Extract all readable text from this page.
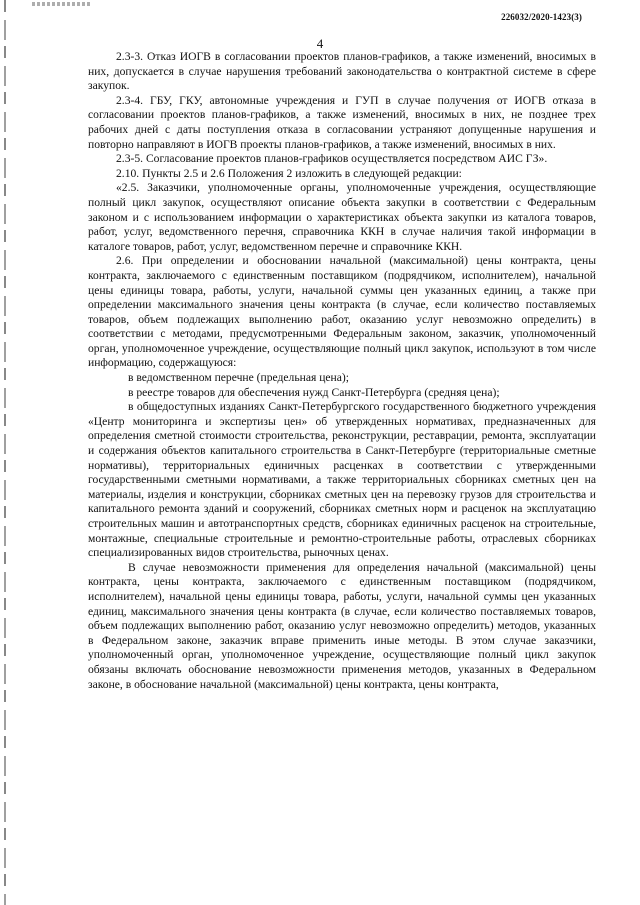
226032/2020-1423(3)
4

2.3-3. Отказ ИОГВ в согласовании проектов планов-графиков, а также изменений, вносимых в них, допускается в случае нарушения требований законодательства о контрактной системе в сфере закупок.

2.3-4. ГБУ, ГКУ, автономные учреждения и ГУП в случае получения от ИОГВ отказа в согласовании проектов планов-графиков, а также изменений, вносимых в них, не позднее трех рабочих дней с даты поступления отказа в согласовании устраняют допущенные нарушения и повторно направляют в ИОГВ проекты планов-графиков, а также изменений, вносимых в них.

2.3-5. Согласование проектов планов-графиков осуществляется посредством АИС ГЗ».

2.10. Пункты 2.5 и 2.6 Положения 2 изложить в следующей редакции:

«2.5. Заказчики, уполномоченные органы, уполномоченные учреждения, осуществляющие полный цикл закупок, осуществляют описание объекта закупки в соответствии с Федеральным законом и с использованием информации о характеристиках объекта закупки из каталога товаров, работ, услуг, ведомственного перечня, справочника ККН в случае наличия такой информации в каталоге товаров, работ, услуг, ведомственном перечне и справочнике ККН.

2.6. При определении и обосновании начальной (максимальной) цены контракта, цены контракта, заключаемого с единственным поставщиком (подрядчиком, исполнителем), начальной цены единицы товара, работы, услуги, начальной суммы цен указанных единиц, а также при определении максимального значения цены контракта (в случае, если количество поставляемых товаров, объем подлежащих выполнению работ, оказанию услуг невозможно определить) в соответствии с методами, предусмотренными Федеральным законом, заказчик, уполномоченный орган, уполномоченное учреждение, осуществляющие полный цикл закупок, используют в том числе информацию, содержащуюся:

в ведомственном перечне (предельная цена);

в реестре товаров для обеспечения нужд Санкт-Петербурга (средняя цена);

в общедоступных изданиях Санкт-Петербургского государственного бюджетного учреждения «Центр мониторинга и экспертизы цен» об утвержденных нормативах, предназначенных для определения сметной стоимости строительства, реконструкции, реставрации, ремонта, эксплуатации и содержания объектов капитального строительства в Санкт-Петербурге (территориальные сметные нормативы), территориальных единичных расценках в соответствии с утвержденными государственными сметными нормативами, а также территориальных сборниках сметных цен на материалы, изделия и конструкции, сборниках сметных цен на перевозку грузов для строительства и капитального ремонта зданий и сооружений, сборниках сметных норм и расценок на эксплуатацию строительных машин и автотранспортных средств, сборниках единичных расценок на строительные, монтажные, специальные строительные и ремонтно-строительные работы, отраслевых сборниках специализированных видов строительства, рыночных ценах.

В случае невозможности применения для определения начальной (максимальной) цены контракта, цены контракта, заключаемого с единственным поставщиком (подрядчиком, исполнителем), начальной цены единицы товара, работы, услуги, начальной суммы цен указанных единиц, максимального значения цены контракта (в случае, если количество поставляемых товаров, объем подлежащих выполнению работ, оказанию услуг невозможно определить) методов, указанных в Федеральном законе, заказчик вправе применить иные методы. В этом случае заказчики, уполномоченный орган, уполномоченное учреждение, осуществляющие полный цикл закупок обязаны включать обоснование невозможности применения методов, указанных в Федеральном законе, в обоснование начальной (максимальной) цены контракта, цены контракта,
